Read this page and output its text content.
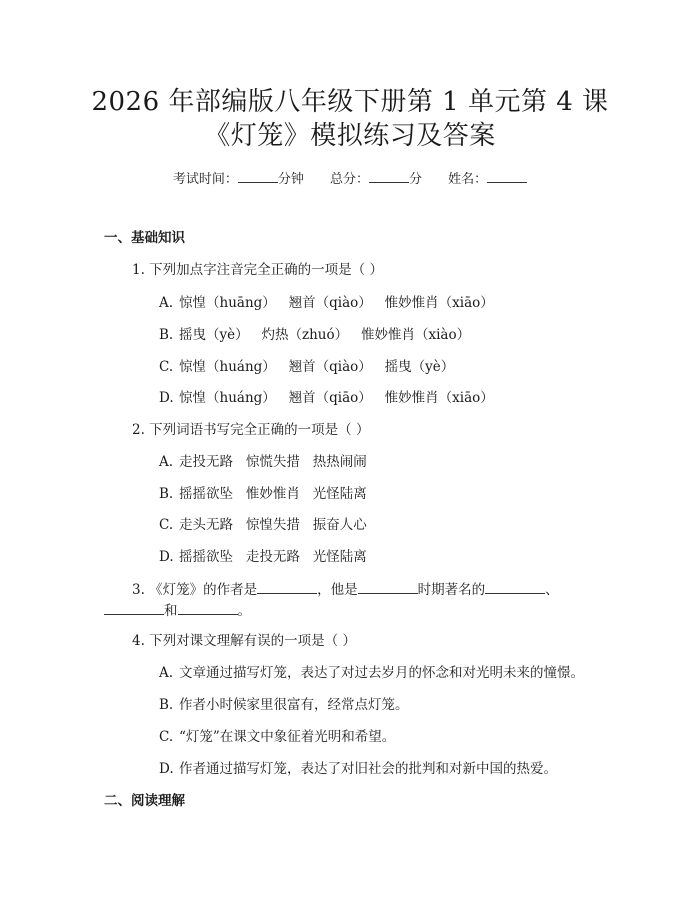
2026 年部编版八年级下册第 1 单元第 4 课
《灯笼》模拟练习及答案
考试时间：	分钟 总分：	分 姓名：
一、基础知识
1. 下列加点字注音完全正确的一项是（ ）
A. 惊惶（huāng）   翘首（qiào）   惟妙惟肖（xiāo）
B. 摇曳（yè）   灼热（zhuó）   惟妙惟肖（xiào）
C. 惊惶（huáng）   翘首（qiào）   摇曳（yè）
D. 惊惶（huáng）   翘首（qiāo）   惟妙惟肖（xiāo）
2. 下列词语书写完全正确的一项是（ ）
A. 走投无路   惊慌失措   热热闹闹
B. 摇摇欲坠   惟妙惟肖   光怪陆离
C. 走头无路   惊惶失措   振奋人心
D. 摇摇欲坠   走投无路   光怪陆离
3. 《灯笼》的作者是	，他是	时期著名的	、
和	。
4. 下列对课文理解有误的一项是（ ）
A. 文章通过描写灯笼，表达了对过去岁月的怀念和对光明未来的憧憬。
B. 作者小时候家里很富有，经常点灯笼。
C. “灯笼”在课文中象征着光明和希望。
D. 作者通过描写灯笼，表达了对旧社会的批判和对新中国的热爱。
二、阅读理解
